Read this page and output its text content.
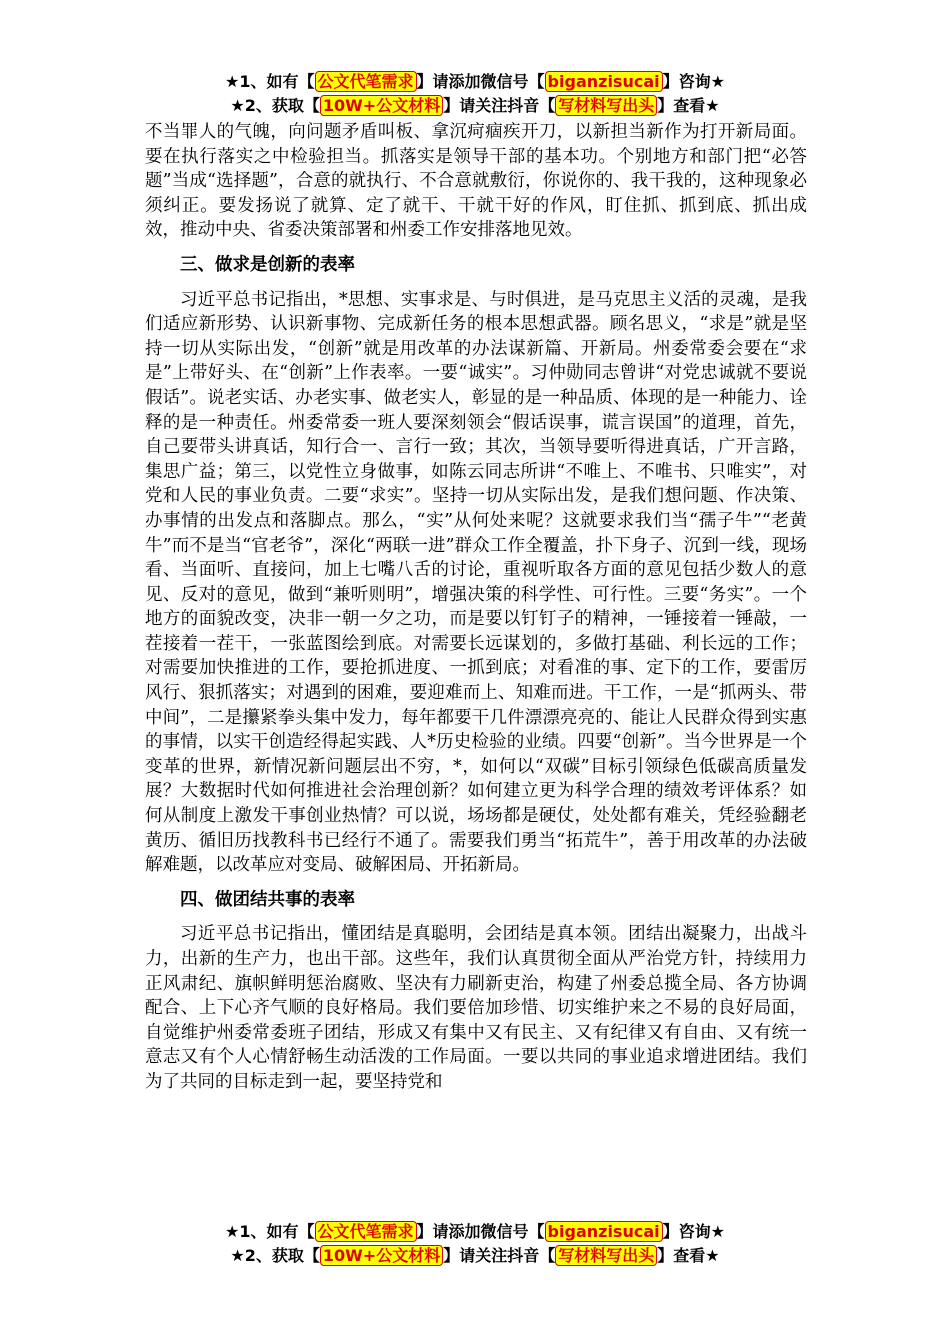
★1、如有【 公文代笔需求 】请添加微信号【 biganzisucai 】咨询★
★2、获取【 10W+公文材料 】请关注抖音【 写材料写出头 】查看★

不当罪人的气魄，向问题矛盾叫板、拿沉疴痼疾开刀，以新担当新作为打开新局面。要在执行落实之中检验担当。抓落实是领导干部的基本功。个别地方和部门把“必答题”当成“选择题”，合意的就执行、不合意就敷衍，你说你的、我干我的，这种现象必须纠正。要发扬说了就算、定了就干、干就干好的作风，盯住抓、抓到底、抓出成效，推动中央、省委决策部署和州委工作安排落地见效。

三、做求是创新的表率

习近平总书记指出，*思想、实事求是、与时俱进，是马克思主义活的灵魂，是我们适应新形势、认识新事物、完成新任务的根本思想武器。顾名思义，“求是”就是坚持一切从实际出发，“创新”就是用改革的办法谋新篇、开新局。州委常委会要在“求是”上带好头、在“创新”上作表率。一要“诚实”。习仲勋同志曾讲“对党忠诚就不要说假话”。说老实话、办老实事、做老实人，彰显的是一种品质、体现的是一种能力、诠释的是一种责任。州委常委一班人要深刻领会“假话误事，谎言误国”的道理，首先，自己要带头讲真话，知行合一、言行一致；其次，当领导要听得进真话，广开言路，集思广益；第三，以党性立身做事，如陈云同志所讲“不唯上、不唯书、只唯实”，对党和人民的事业负责。二要“求实”。坚持一切从实际出发，是我们想问题、作决策、办事情的出发点和落脚点。那么，“实”从何处来呢？这就要求我们当“孺子牛”“老黄牛”而不是当“官老爷”，深化“两联一进”群众工作全覆盖，扑下身子、沉到一线，现场看、当面听、直接问，加上七嘴八舌的讨论，重视听取各方面的意见包括少数人的意见、反对的意见，做到“兼听则明”，增强决策的科学性、可行性。三要“务实”。一个地方的面貌改变，决非一朝一夕之功，而是要以钉钉子的精神，一锤接着一锤敲，一茬接着一茬干，一张蓝图绘到底。对需要长远谋划的，多做打基础、利长远的工作；对需要加快推进的工作，要抢抓进度、一抓到底；对看准的事、定下的工作，要雷厉风行、狠抓落实；对遇到的困难，要迎难而上、知难而进。干工作，一是“抓两头、带中间”，二是攥紧拳头集中发力，每年都要干几件漂漂亮亮的、能让人民群众得到实惠的事情，以实干创造经得起实践、人*历史检验的业绩。四要“创新”。当今世界是一个变革的世界，新情况新问题层出不穷，*，如何以“双碳”目标引领绿色低碳高质量发展？大数据时代如何推进社会治理创新？如何建立更为科学合理的绩效考评体系？如何从制度上激发干事创业热情？可以说，场场都是硬仗，处处都有难关，凭经验翻老黄历、循旧历找教科书已经行不通了。需要我们勇当“拓荒牛”，善于用改革的办法破解难题，以改革应对变局、破解困局、开拓新局。

四、做团结共事的表率

习近平总书记指出，懂团结是真聪明，会团结是真本领。团结出凝聚力，出战斗力，出新的生产力，也出干部。这些年，我们认真贯彻全面从严治党方针，持续用力正风肃纪、旗帜鲜明惩治腐败、坚决有力刷新吏治，构建了州委总揽全局、各方协调配合、上下心齐气顺的良好格局。我们要倍加珍惜、切实维护来之不易的良好局面，自觉维护州委常委班子团结，形成又有集中又有民主、又有纪律又有自由、又有统一意志又有个人心情舒畅生动活泼的工作局面。一要以共同的事业追求增进团结。我们为了共同的目标走到一起，要坚持党和

★1、如有【 公文代笔需求 】请添加微信号【 biganzisucai 】咨询★
★2、获取【 10W+公文材料 】请关注抖音【 写材料写出头 】查看★
